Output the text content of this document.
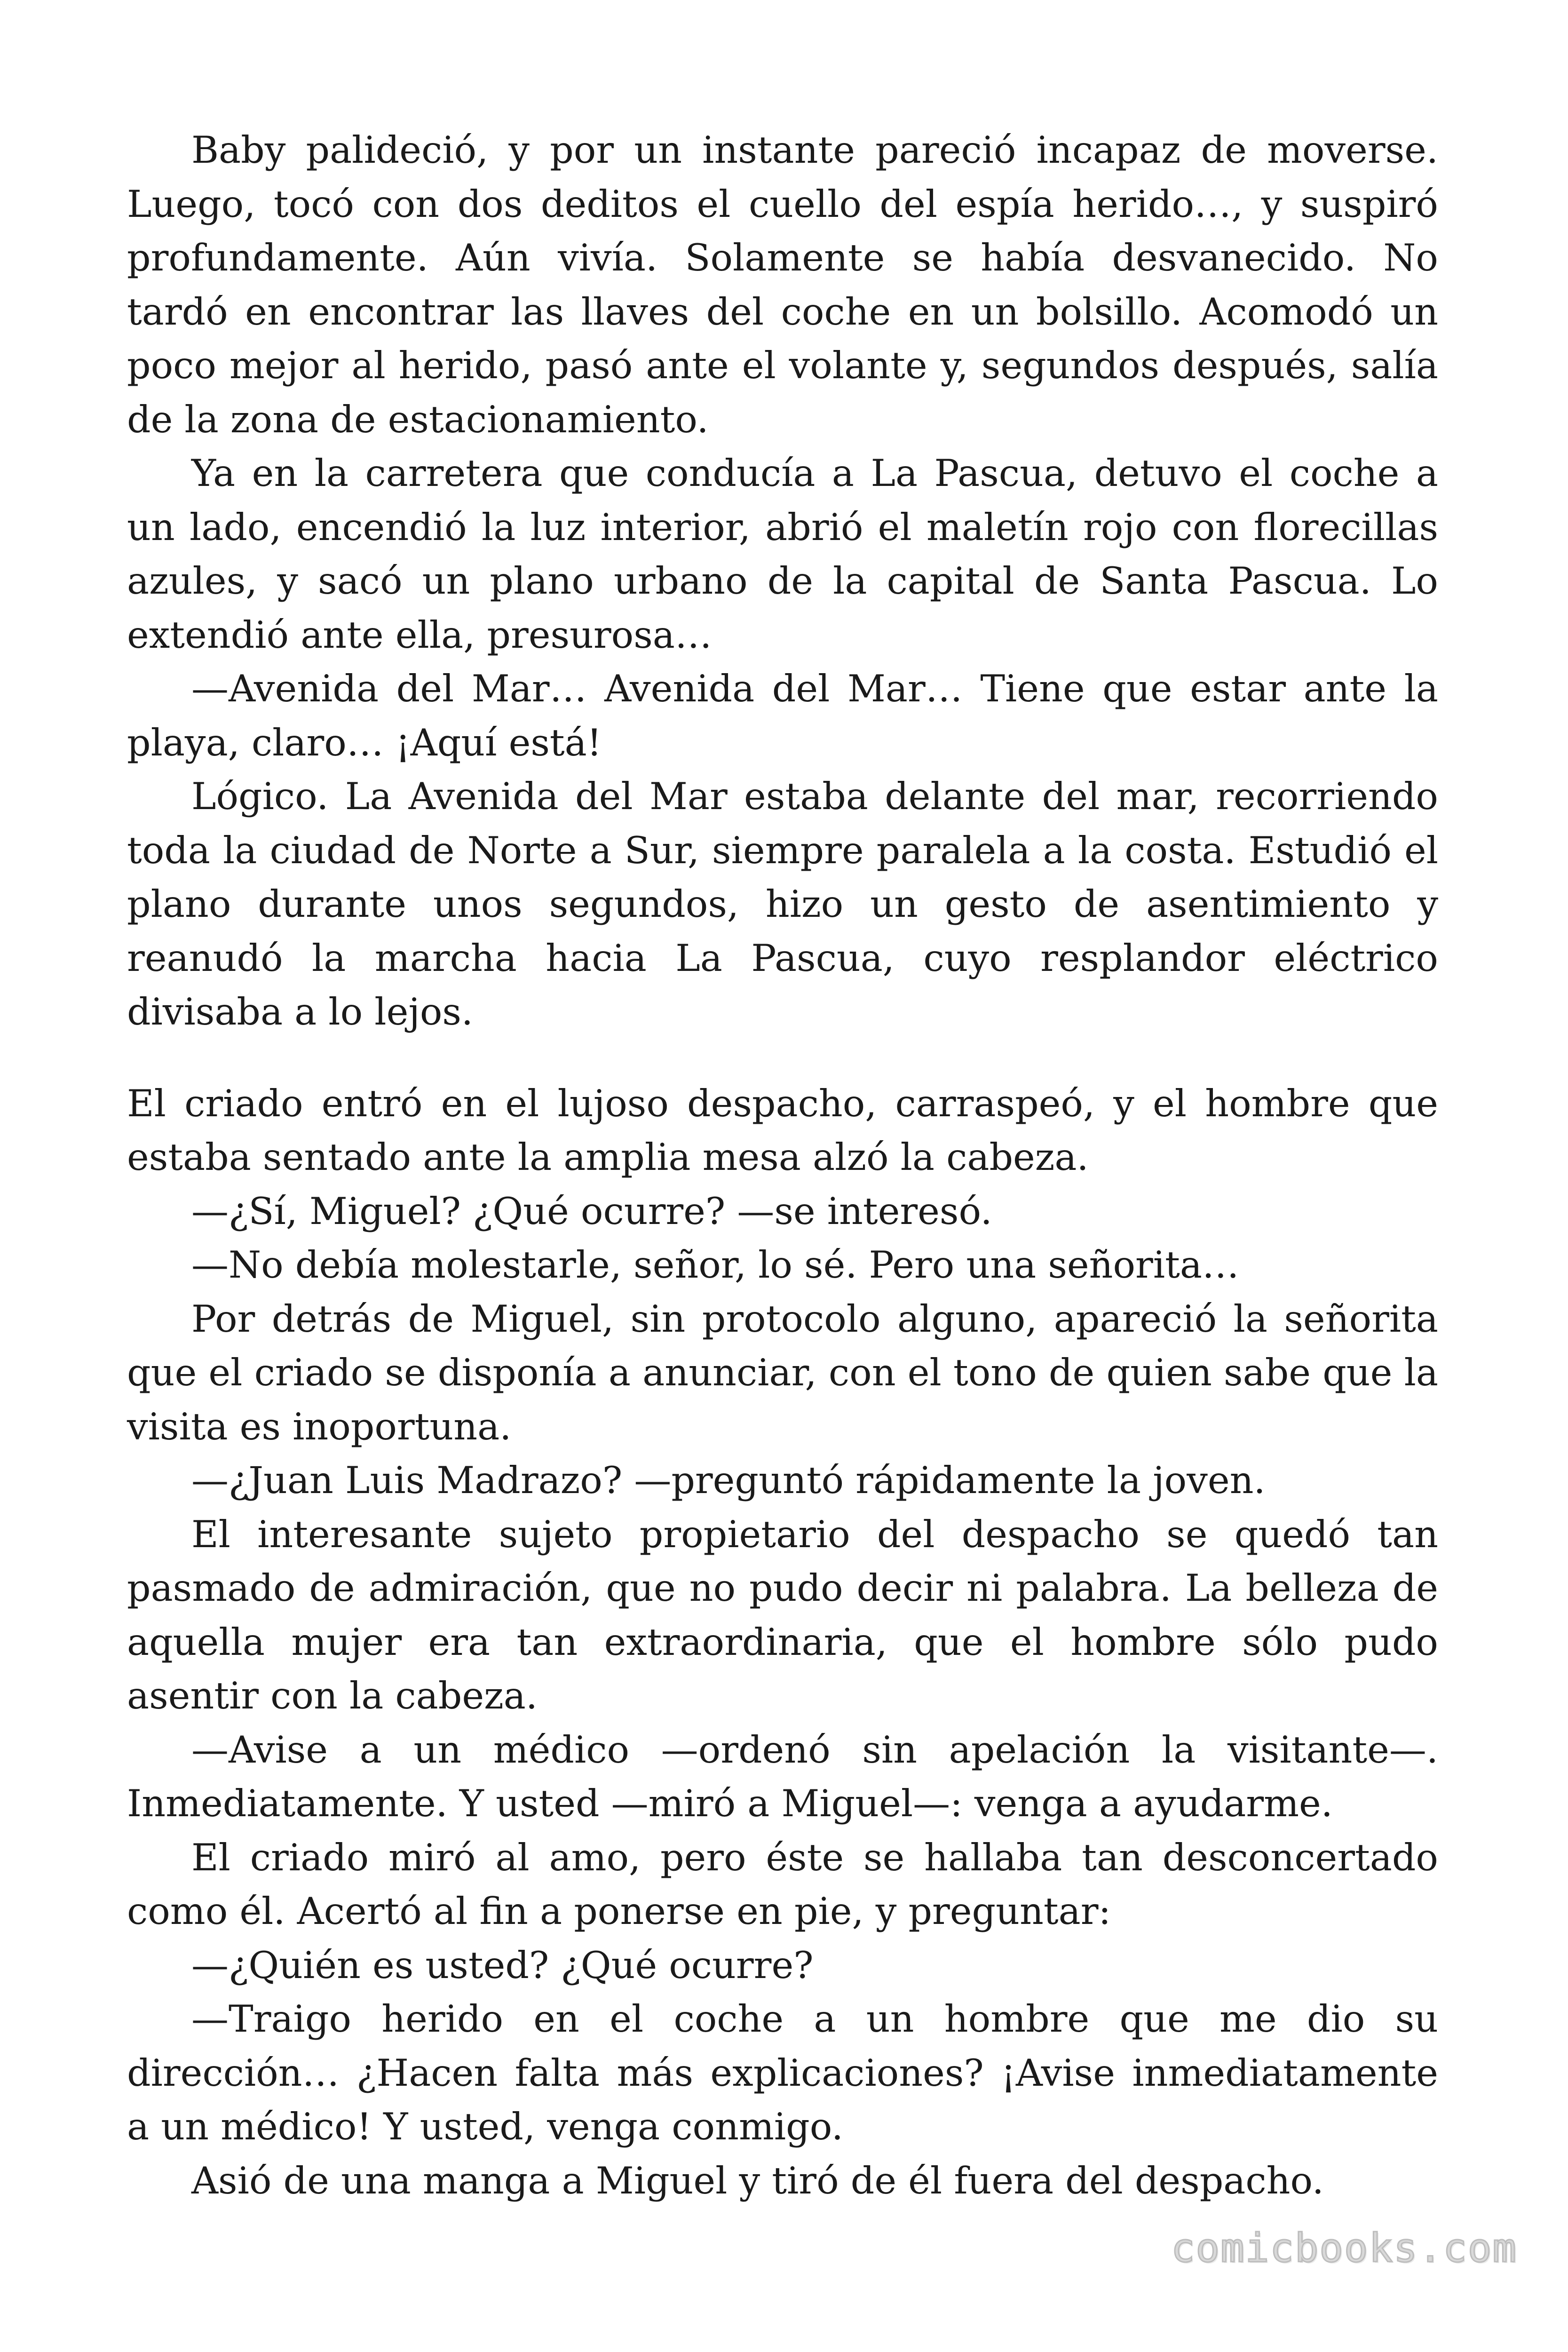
Baby palideció, y por un instante pareció incapaz de moverse. Luego, tocó con dos deditos el cuello del espía herido…, y suspiró profundamente. Aún vivía. Solamente se había desvanecido. No tardó en encontrar las llaves del coche en un bolsillo. Acomodó un poco mejor al herido, pasó ante el volante y, segundos después, salía de la zona de estacionamiento.

Ya en la carretera que conducía a La Pascua, detuvo el coche a un lado, encendió la luz interior, abrió el maletín rojo con florecillas azules, y sacó un plano urbano de la capital de Santa Pascua. Lo extendió ante ella, presurosa…

—Avenida del Mar… Avenida del Mar… Tiene que estar ante la playa, claro… ¡Aquí está!

Lógico. La Avenida del Mar estaba delante del mar, recorriendo toda la ciudad de Norte a Sur, siempre paralela a la costa. Estudió el plano durante unos segundos, hizo un gesto de asentimiento y reanudó la marcha hacia La Pascua, cuyo resplandor eléctrico divisaba a lo lejos.

El criado entró en el lujoso despacho, carraspeó, y el hombre que estaba sentado ante la amplia mesa alzó la cabeza.

—¿Sí, Miguel? ¿Qué ocurre? —se interesó.

—No debía molestarle, señor, lo sé. Pero una señorita…

Por detrás de Miguel, sin protocolo alguno, apareció la señorita que el criado se disponía a anunciar, con el tono de quien sabe que la visita es inoportuna.

—¿Juan Luis Madrazo? —preguntó rápidamente la joven.

El interesante sujeto propietario del despacho se quedó tan pasmado de admiración, que no pudo decir ni palabra. La belleza de aquella mujer era tan extraordinaria, que el hombre sólo pudo asentir con la cabeza.

—Avise a un médico —ordenó sin apelación la visitante—. Inmediatamente. Y usted —miró a Miguel—: venga a ayudarme.

El criado miró al amo, pero éste se hallaba tan desconcertado como él. Acertó al fin a ponerse en pie, y preguntar:

—¿Quién es usted? ¿Qué ocurre?

—Traigo herido en el coche a un hombre que me dio su dirección… ¿Hacen falta más explicaciones? ¡Avise inmediatamente a un médico! Y usted, venga conmigo.

Asió de una manga a Miguel y tiró de él fuera del despacho.

comicbooks.com
